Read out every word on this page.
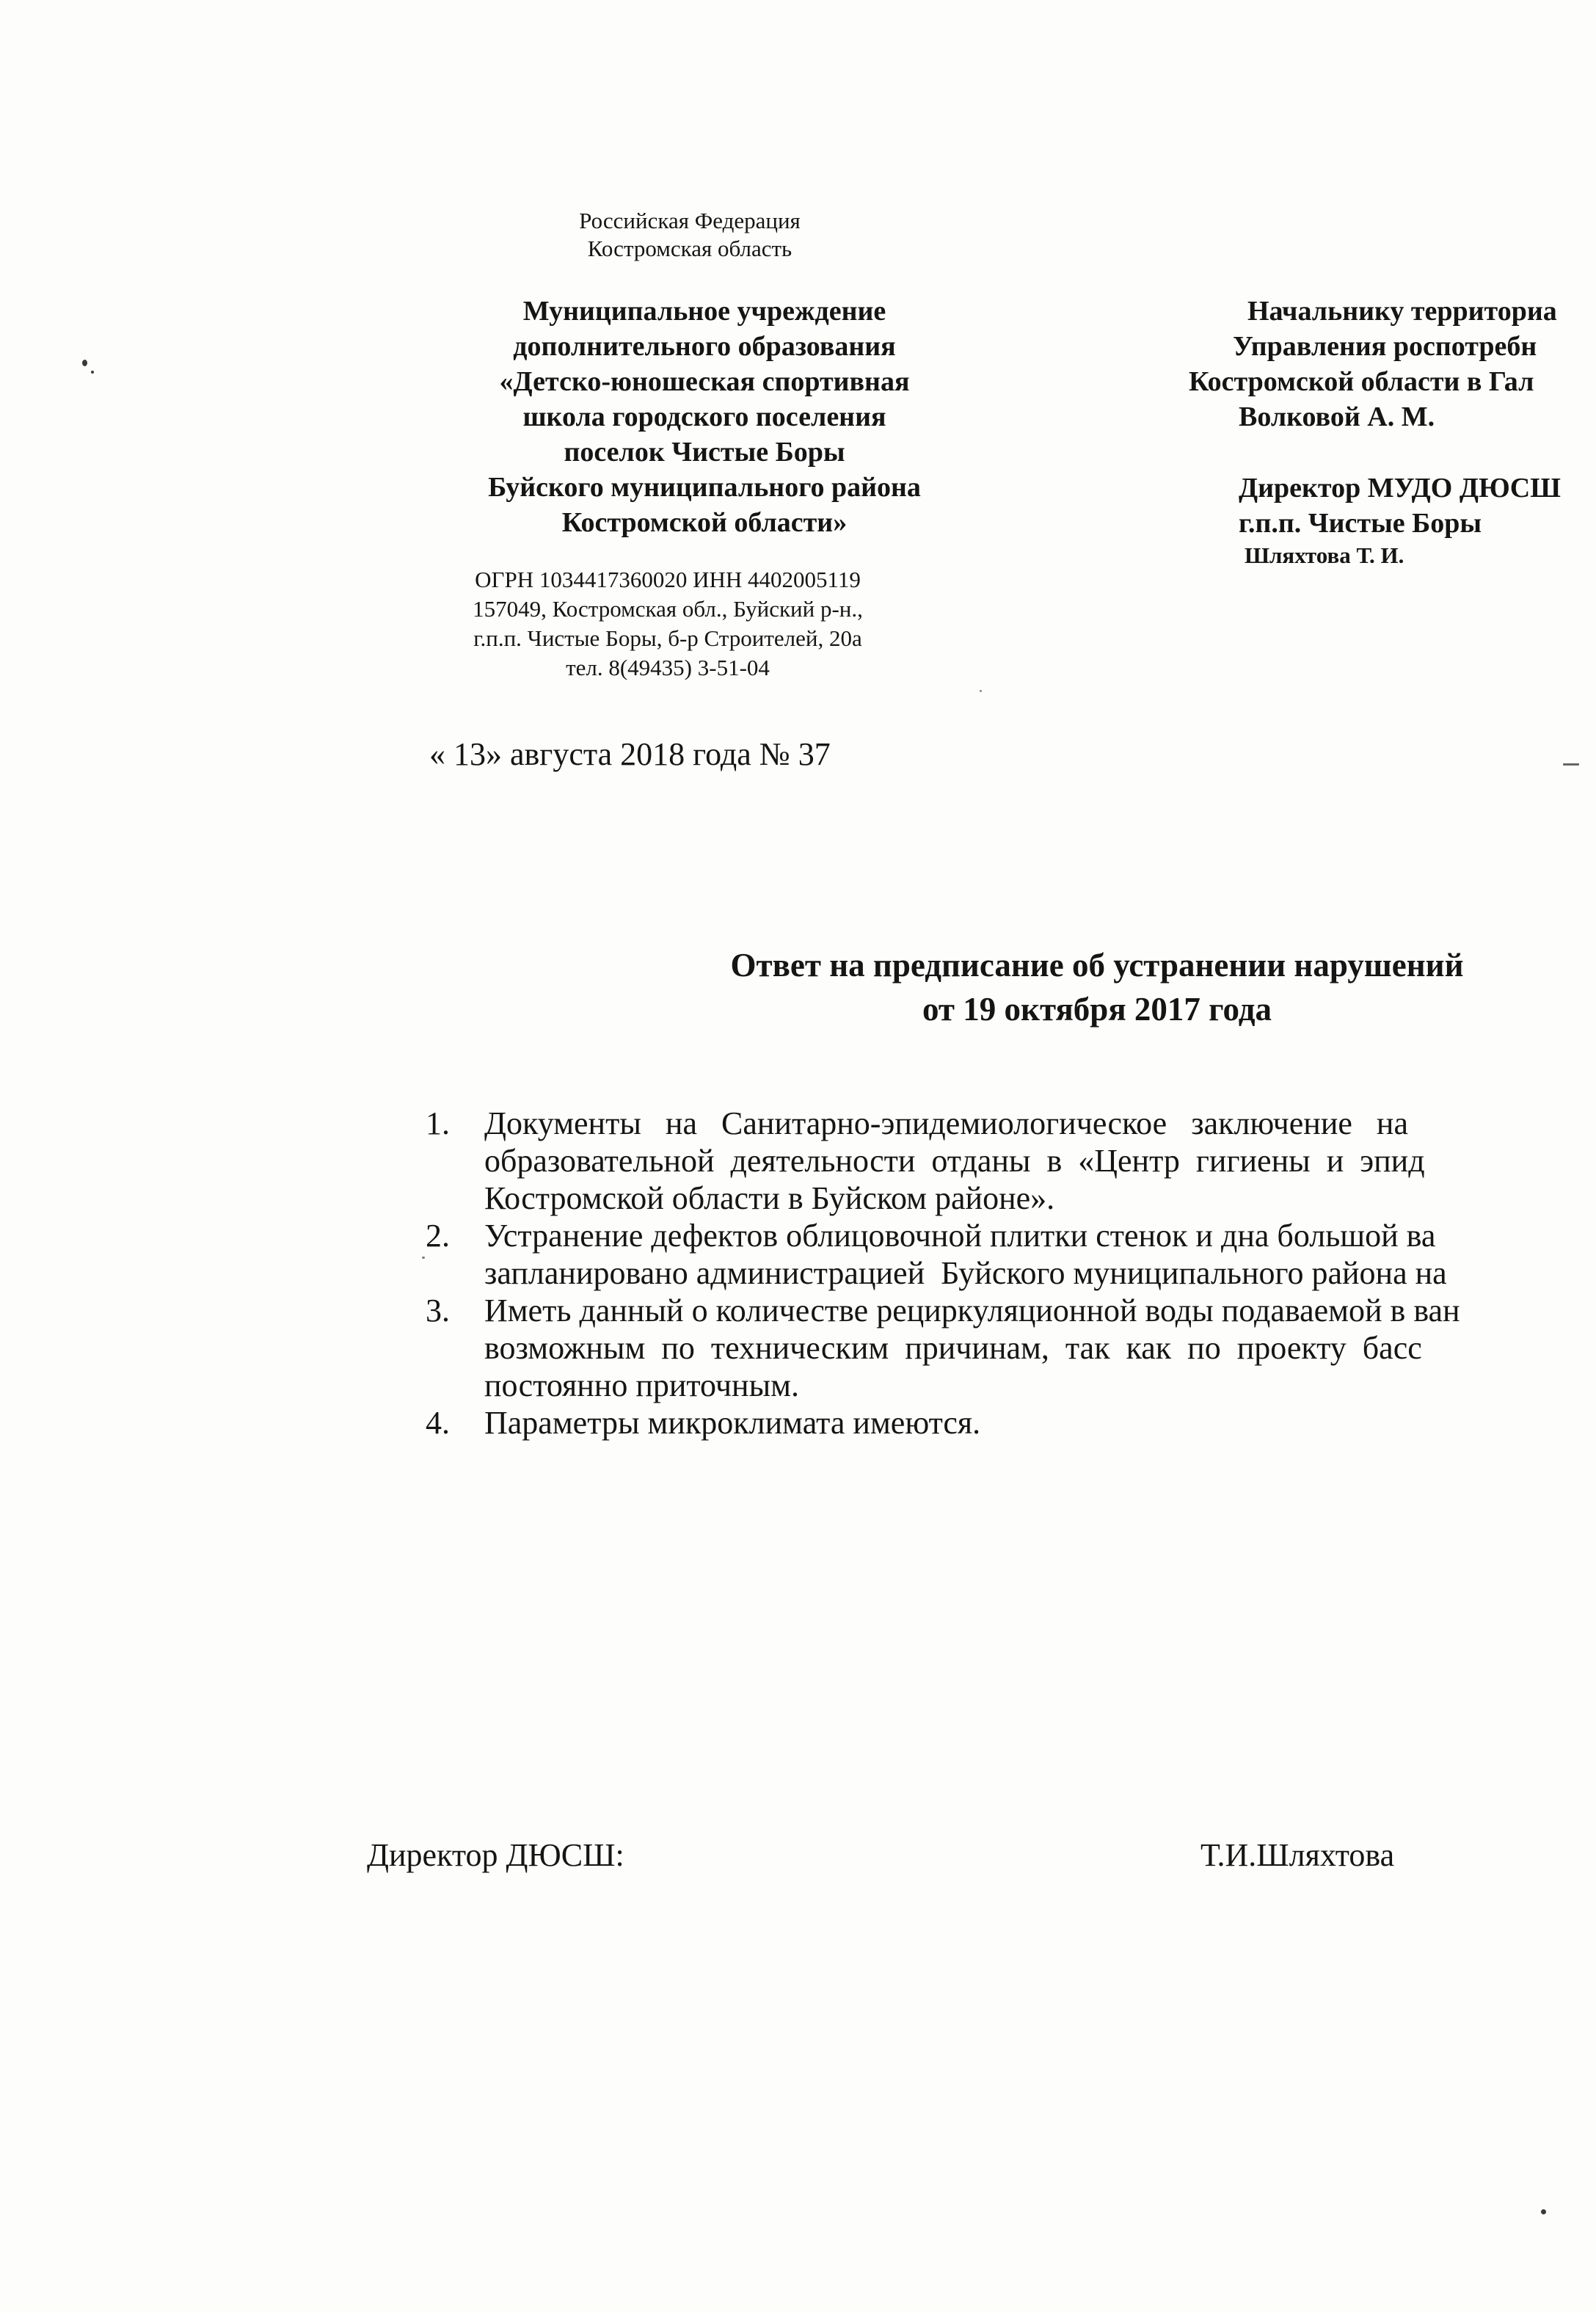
Российская Федерация
Костромская область
Муниципальное учреждение
дополнительного образования
«Детско-юношеская спортивная
школа городского поселения
поселок Чистые Боры
Буйского муниципального района
Костромской области»
ОГРН 1034417360020 ИНН 4402005119
157049, Костромская обл., Буйский р-н.,
г.п.п. Чистые Боры, б-р Строителей, 20а
тел. 8(49435) 3-51-04
Начальнику территориа
Управления роспотребн
Костромской области в Гал
Волковой А. М.
Директор МУДО ДЮСШ
г.п.п. Чистые Боры
Шляхтова Т. И.
« 13» августа 2018 года № 37
Ответ на предписание об устранении нарушений
от 19 октября 2017 года
1. Документы   на   Санитарно-эпидемиологическое   заключение   на
образовательной  деятельности  отданы  в  «Центр  гигиены  и  эпид
Костромской области в Буйском районе».
2. Устранение дефектов облицовочной плитки стенок и дна большой ва
запланировано администрацией  Буйского муниципального района на
3. Иметь данный о количестве рециркуляционной воды подаваемой в ван
возможным  по  техническим  причинам,  так  как  по  проекту  басс
постоянно приточным.
4. Параметры микроклимата имеются.
Директор ДЮСШ:	Т.И.Шляхтова
